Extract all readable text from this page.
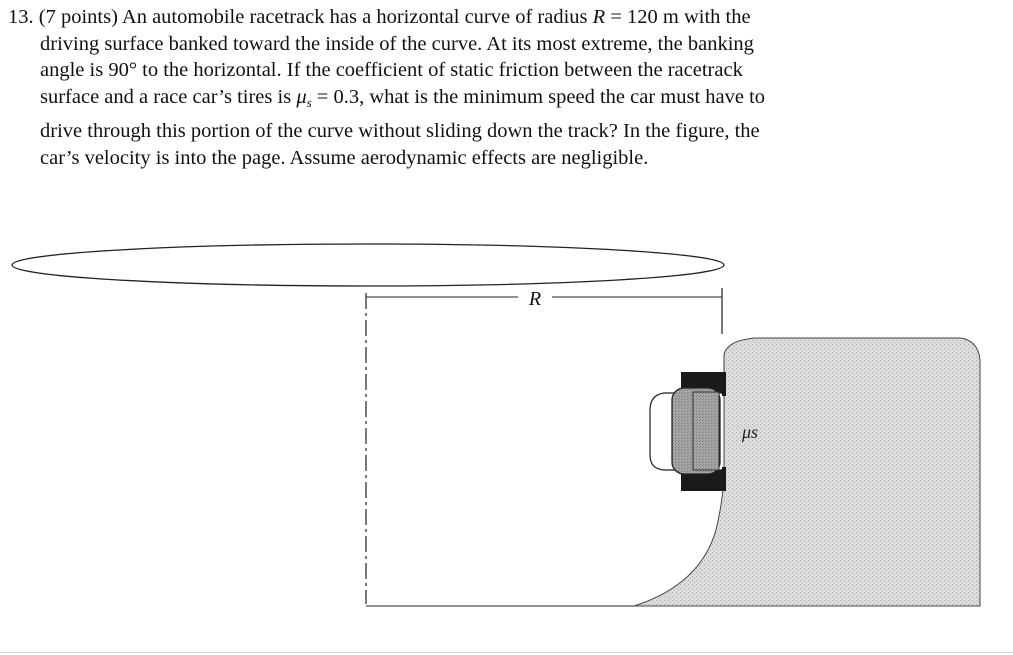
13. (7 points) An automobile racetrack has a horizontal curve of radius R = 120 m with the
driving surface banked toward the inside of the curve. At its most extreme, the banking
angle is 90° to the horizontal. If the coefficient of static friction between the racetrack
surface and a race car’s tires is $\mu_s = 0.3$, what is the minimum speed the car must have to
drive through this portion of the curve without sliding down the track? In the figure, the
car’s velocity is into the page. Assume aerodynamic effects are negligible.
R
μs
